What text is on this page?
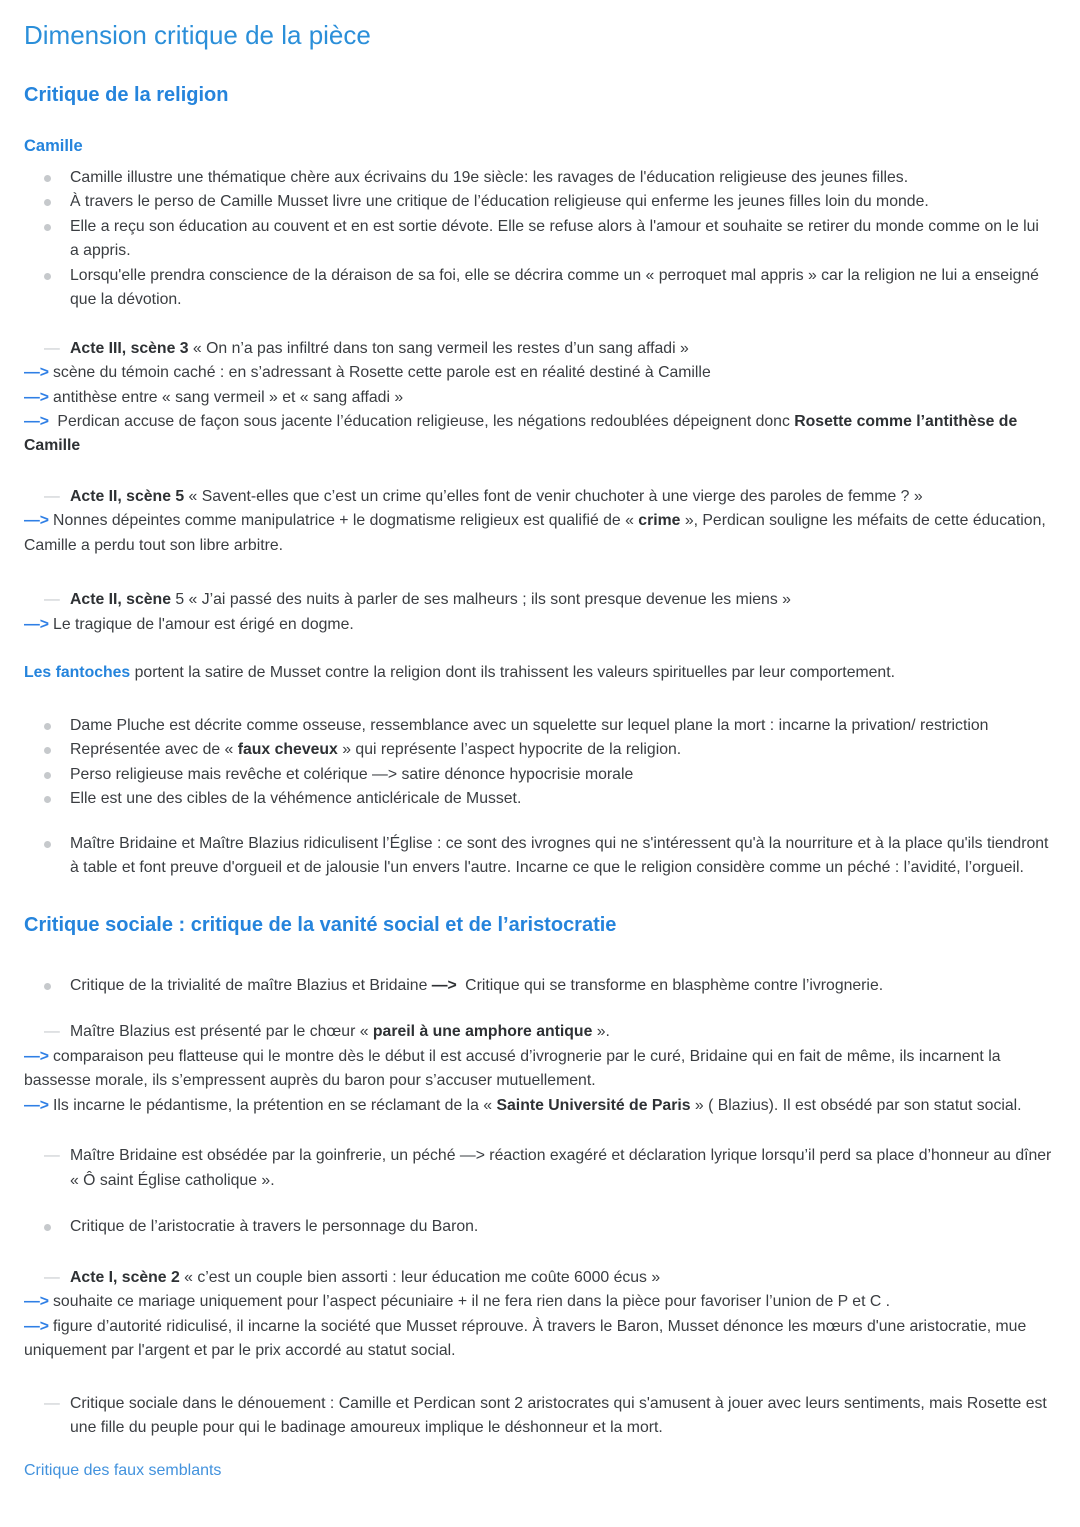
Dimension critique de la pièce
Critique de la religion
Camille
Camille illustre une thématique chère aux écrivains du 19e siècle: les ravages de l'éducation religieuse des jeunes filles.
À travers le perso de Camille Musset livre une critique de l’éducation religieuse qui enferme les jeunes filles loin du monde.
Elle a reçu son éducation au couvent et en est sortie dévote. Elle se refuse alors à l'amour et souhaite se retirer du monde comme on le lui a appris.
Lorsqu'elle prendra conscience de la déraison de sa foi, elle se décrira comme un « perroquet mal appris » car la religion ne lui a enseigné que la dévotion.
— Acte III, scène 3 « On n’a pas infiltré dans ton sang vermeil les restes d’un sang affadi »

—> scène du témoin caché : en s’adressant à Rosette cette parole est en réalité destiné à Camille

—> antithèse entre « sang vermeil » et « sang affadi »

—> Perdican accuse de façon sous jacente l’éducation religieuse, les négations redoublées dépeignent donc Rosette comme l’antithèse de Camille

— Acte II, scène 5 « Savent-elles que c’est un crime qu’elles font de venir chuchoter à une vierge des paroles de femme ? »

—> Nonnes dépeintes comme manipulatrice + le dogmatisme religieux est qualifié de « crime », Perdican souligne les méfaits de cette éducation, Camille a perdu tout son libre arbitre.

— Acte II, scène 5 « J’ai passé des nuits à parler de ses malheurs ; ils sont presque devenue les miens »

—> Le tragique de l'amour est érigé en dogme.

Les fantoches portent la satire de Musset contre la religion dont ils trahissent les valeurs spirituelles par leur comportement.

Dame Pluche est décrite comme osseuse, ressemblance avec un squelette sur lequel plane la mort : incarne la privation/ restriction
Représentée avec de « faux cheveux » qui représente l’aspect hypocrite de la religion.
Perso religieuse mais revêche et colérique —> satire dénonce hypocrisie morale
Elle est une des cibles de la véhémence anticléricale de Musset.
Maître Bridaine et Maître Blazius ridiculisent l’Église : ce sont des ivrognes qui ne s'intéressent qu'à la nourriture et à la place qu'ils tiendront à table et font preuve d'orgueil et de jalousie l'un envers l'autre. Incarne ce que le religion considère comme un péché : l’avidité, l’orgueil.
Critique sociale : critique de la vanité social et de l’aristocratie
Critique de la trivialité de maître Blazius et Bridaine —> Critique qui se transforme en blasphème contre l’ivrognerie.
— Maître Blazius est présenté par le chœur « pareil à une amphore antique ».

—> comparaison peu flatteuse qui le montre dès le début il est accusé d’ivrognerie par le curé, Bridaine qui en fait de même, ils incarnent la bassesse morale, ils s’empressent auprès du baron pour s’accuser mutuellement.

—> Ils incarne le pédantisme, la prétention en se réclamant de la « Sainte Université de Paris » ( Blazius). Il est obsédé par son statut social.

— Maître Bridaine est obsédée par la goinfrerie, un péché —> réaction exagéré et déclaration lyrique lorsqu’il perd sa place d’honneur au dîner « Ô saint Église catholique ».
Critique de l’aristocratie à travers le personnage du Baron.
— Acte I, scène 2 « c’est un couple bien assorti : leur éducation me coûte 6000 écus »

—> souhaite ce mariage uniquement pour l’aspect pécuniaire + il ne fera rien dans la pièce pour favoriser l’union de P et C .

—> figure d’autorité ridiculisé, il incarne la société que Musset réprouve. À travers le Baron, Musset dénonce les mœurs d'une aristocratie, mue uniquement par l'argent et par le prix accordé au statut social.

— Critique sociale dans le dénouement : Camille et Perdican sont 2 aristocrates qui s'amusent à jouer avec leurs sentiments, mais Rosette est une fille du peuple pour qui le badinage amoureux implique le déshonneur et la mort.

Critique des faux semblants
